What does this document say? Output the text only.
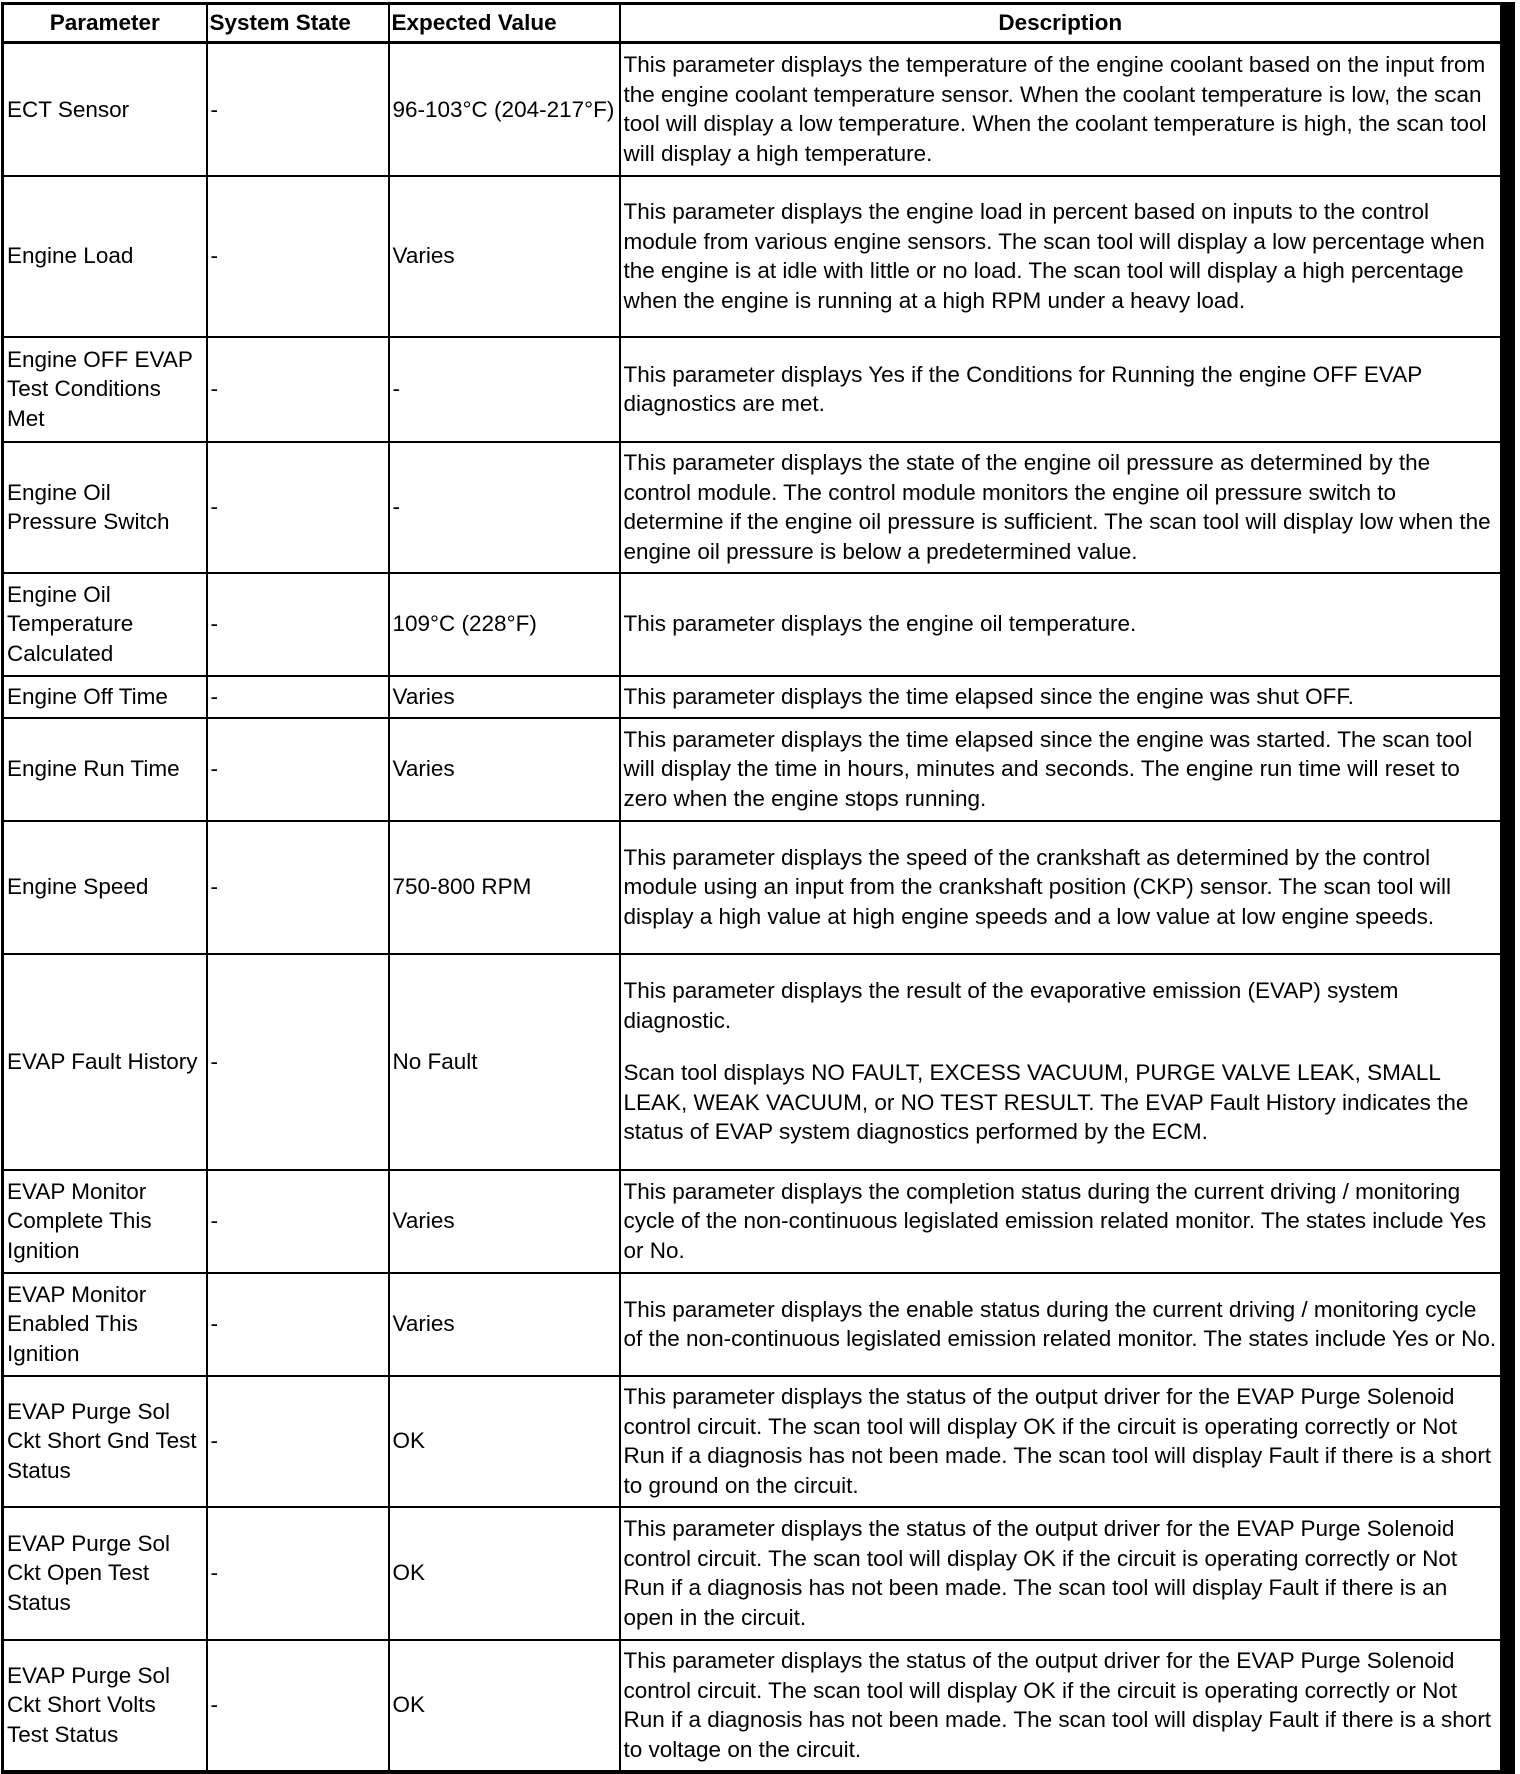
Parameter	System State	Expected Value	Description
ECT Sensor	-	96-103°C (204-217°F)	This parameter displays the temperature of the engine coolant based on the input from the engine coolant temperature sensor. When the coolant temperature is low, the scan tool will display a low temperature. When the coolant temperature is high, the scan tool will display a high temperature.

Engine Load	-	Varies	This parameter displays the engine load in percent based on inputs to the control module from various engine sensors. The scan tool will display a low percentage when the engine is at idle with little or no load. The scan tool will display a high percentage when the engine is running at a high RPM under a heavy load.

Engine OFF EVAP Test Conditions Met	-	-	This parameter displays Yes if the Conditions for Running the engine OFF EVAP diagnostics are met.

Engine Oil Pressure Switch	-	-	This parameter displays the state of the engine oil pressure as determined by the control module. The control module monitors the engine oil pressure switch to determine if the engine oil pressure is sufficient. The scan tool will display low when the engine oil pressure is below a predetermined value.

Engine Oil Temperature Calculated	-	109°C (228°F)	This parameter displays the engine oil temperature.

Engine Off Time	-	Varies	This parameter displays the time elapsed since the engine was shut OFF.

Engine Run Time	-	Varies	This parameter displays the time elapsed since the engine was started. The scan tool will display the time in hours, minutes and seconds. The engine run time will reset to zero when the engine stops running.

Engine Speed	-	750-800 RPM	This parameter displays the speed of the crankshaft as determined by the control module using an input from the crankshaft position (CKP) sensor. The scan tool will display a high value at high engine speeds and a low value at low engine speeds.

EVAP Fault History	-	No Fault	This parameter displays the result of the evaporative emission (EVAP) system diagnostic.

Scan tool displays NO FAULT, EXCESS VACUUM, PURGE VALVE LEAK, SMALL LEAK, WEAK VACUUM, or NO TEST RESULT. The EVAP Fault History indicates the status of EVAP system diagnostics performed by the ECM.

EVAP Monitor Complete This Ignition	-	Varies	This parameter displays the completion status during the current driving / monitoring cycle of the non-continuous legislated emission related monitor. The states include Yes or No.

EVAP Monitor Enabled This Ignition	-	Varies	This parameter displays the enable status during the current driving / monitoring cycle of the non-continuous legislated emission related monitor. The states include Yes or No.

EVAP Purge Sol Ckt Short Gnd Test Status	-	OK	This parameter displays the status of the output driver for the EVAP Purge Solenoid control circuit. The scan tool will display OK if the circuit is operating correctly or Not Run if a diagnosis has not been made. The scan tool will display Fault if there is a short to ground on the circuit.

EVAP Purge Sol Ckt Open Test Status	-	OK	This parameter displays the status of the output driver for the EVAP Purge Solenoid control circuit. The scan tool will display OK if the circuit is operating correctly or Not Run if a diagnosis has not been made. The scan tool will display Fault if there is an open in the circuit.

EVAP Purge Sol Ckt Short Volts Test Status	-	OK	This parameter displays the status of the output driver for the EVAP Purge Solenoid control circuit. The scan tool will display OK if the circuit is operating correctly or Not Run if a diagnosis has not been made. The scan tool will display Fault if there is a short to voltage on the circuit.
